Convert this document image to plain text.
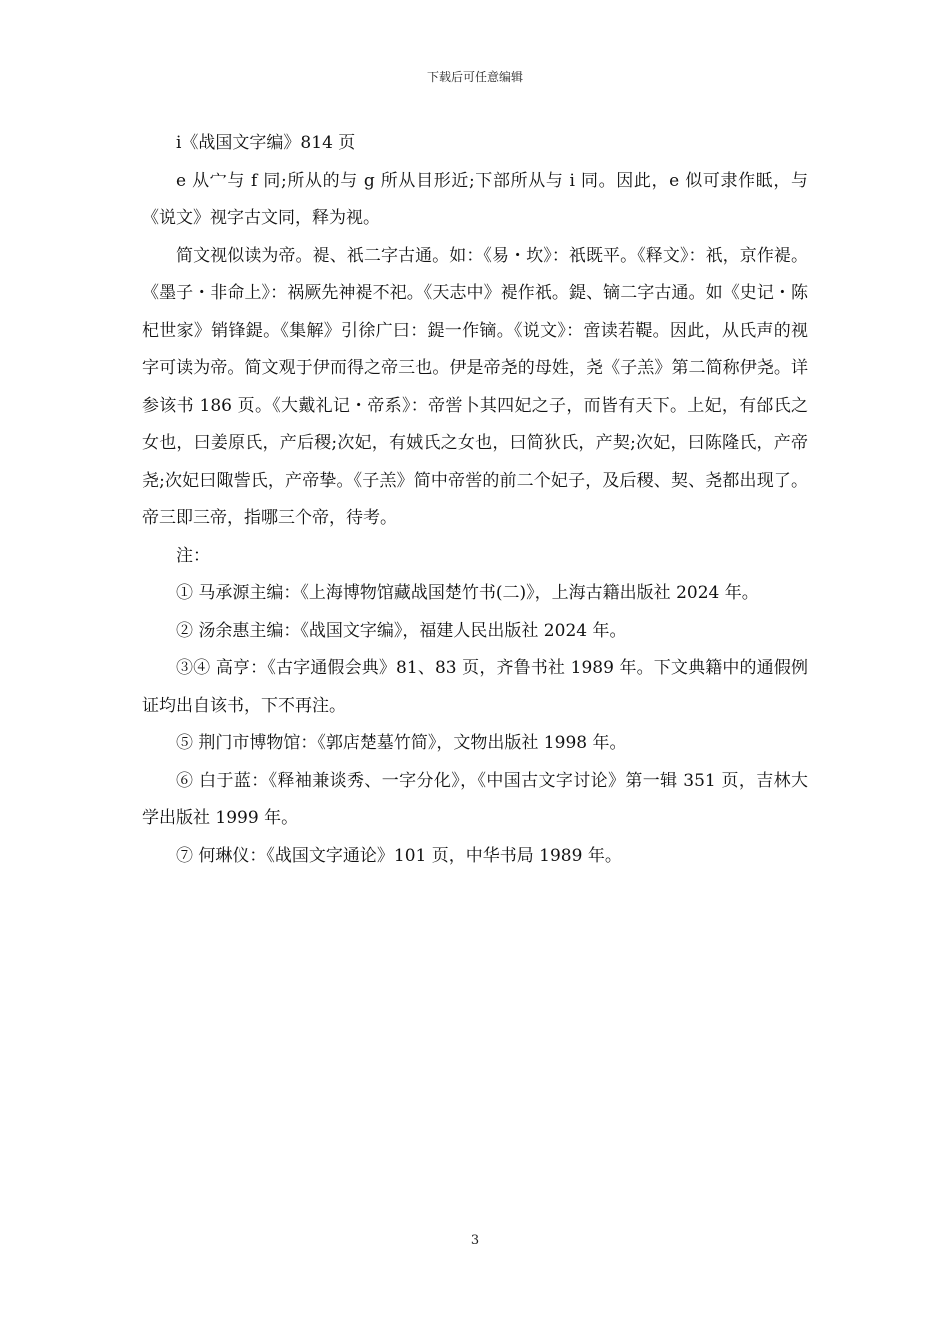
下载后可任意编辑

i《战国文字编》814 页

e 从宀与 f 同;所从的与 g 所从目形近;下部所从与 i 同。因此，e 似可隶作眡，与《说文》视字古文同，释为视。

简文视似读为帝。褆、祇二字古通。如：《易・坎》：祇既平。《释文》：祇，京作褆。《墨子・非命上》：祸厥先神褆不祀。《天志中》褆作祇。鍉、镝二字古通。如《史记・陈杞世家》销锋鍉。《集解》引徐广曰：鍉一作镝。《说文》：啻读若鞮。因此，从氏声的视字可读为帝。简文观于伊而得之帝三也。伊是帝尧的母姓，尧《子羔》第二简称伊尧。详参该书 186 页。《大戴礼记・帝系》：帝喾卜其四妃之子，而皆有天下。上妃，有邰氏之女也，曰姜原氏，产后稷;次妃，有娀氏之女也，曰简狄氏，产契;次妃，曰陈隆氏，产帝尧;次妃曰陬訾氏，产帝挚。《子羔》简中帝喾的前二个妃子，及后稷、契、尧都出现了。帝三即三帝，指哪三个帝，待考。

注：

① 马承源主编：《上海博物馆藏战国楚竹书(二)》，上海古籍出版社 2024 年。

② 汤余惠主编：《战国文字编》，福建人民出版社 2024 年。

③④ 高亨：《古字通假会典》81、83 页，齐鲁书社 1989 年。下文典籍中的通假例证均出自该书，下不再注。

⑤ 荆门市博物馆：《郭店楚墓竹简》，文物出版社 1998 年。

⑥ 白于蓝：《释袖兼谈秀、一字分化》，《中国古文字讨论》第一辑 351 页，吉林大学出版社 1999 年。

⑦ 何琳仪：《战国文字通论》101 页，中华书局 1989 年。

3
